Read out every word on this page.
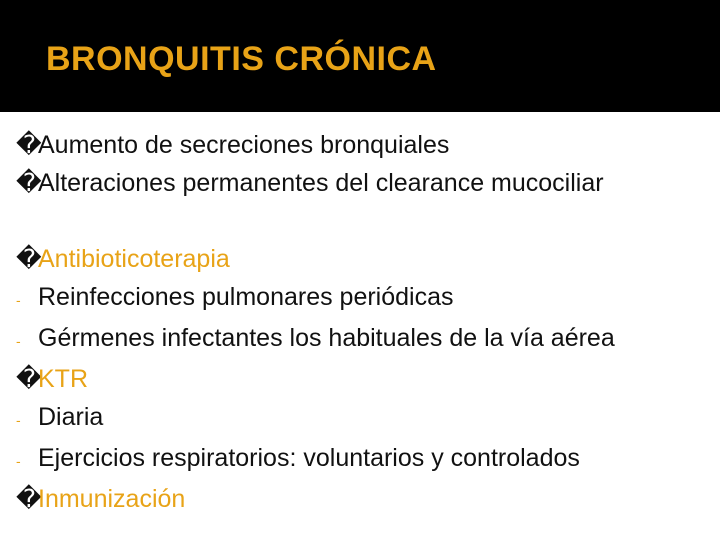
BRONQUITIS CRÓNICA
�
Aumento de secreciones bronquiales
�
Alteraciones permanentes del clearance mucociliar
�
Antibioticoterapia
- Reinfecciones pulmonares periódicas
- Gérmenes infectantes los habituales de la vía aérea
�
KTR
- Diaria
- Ejercicios respiratorios: voluntarios y controlados
�
Inmunización
